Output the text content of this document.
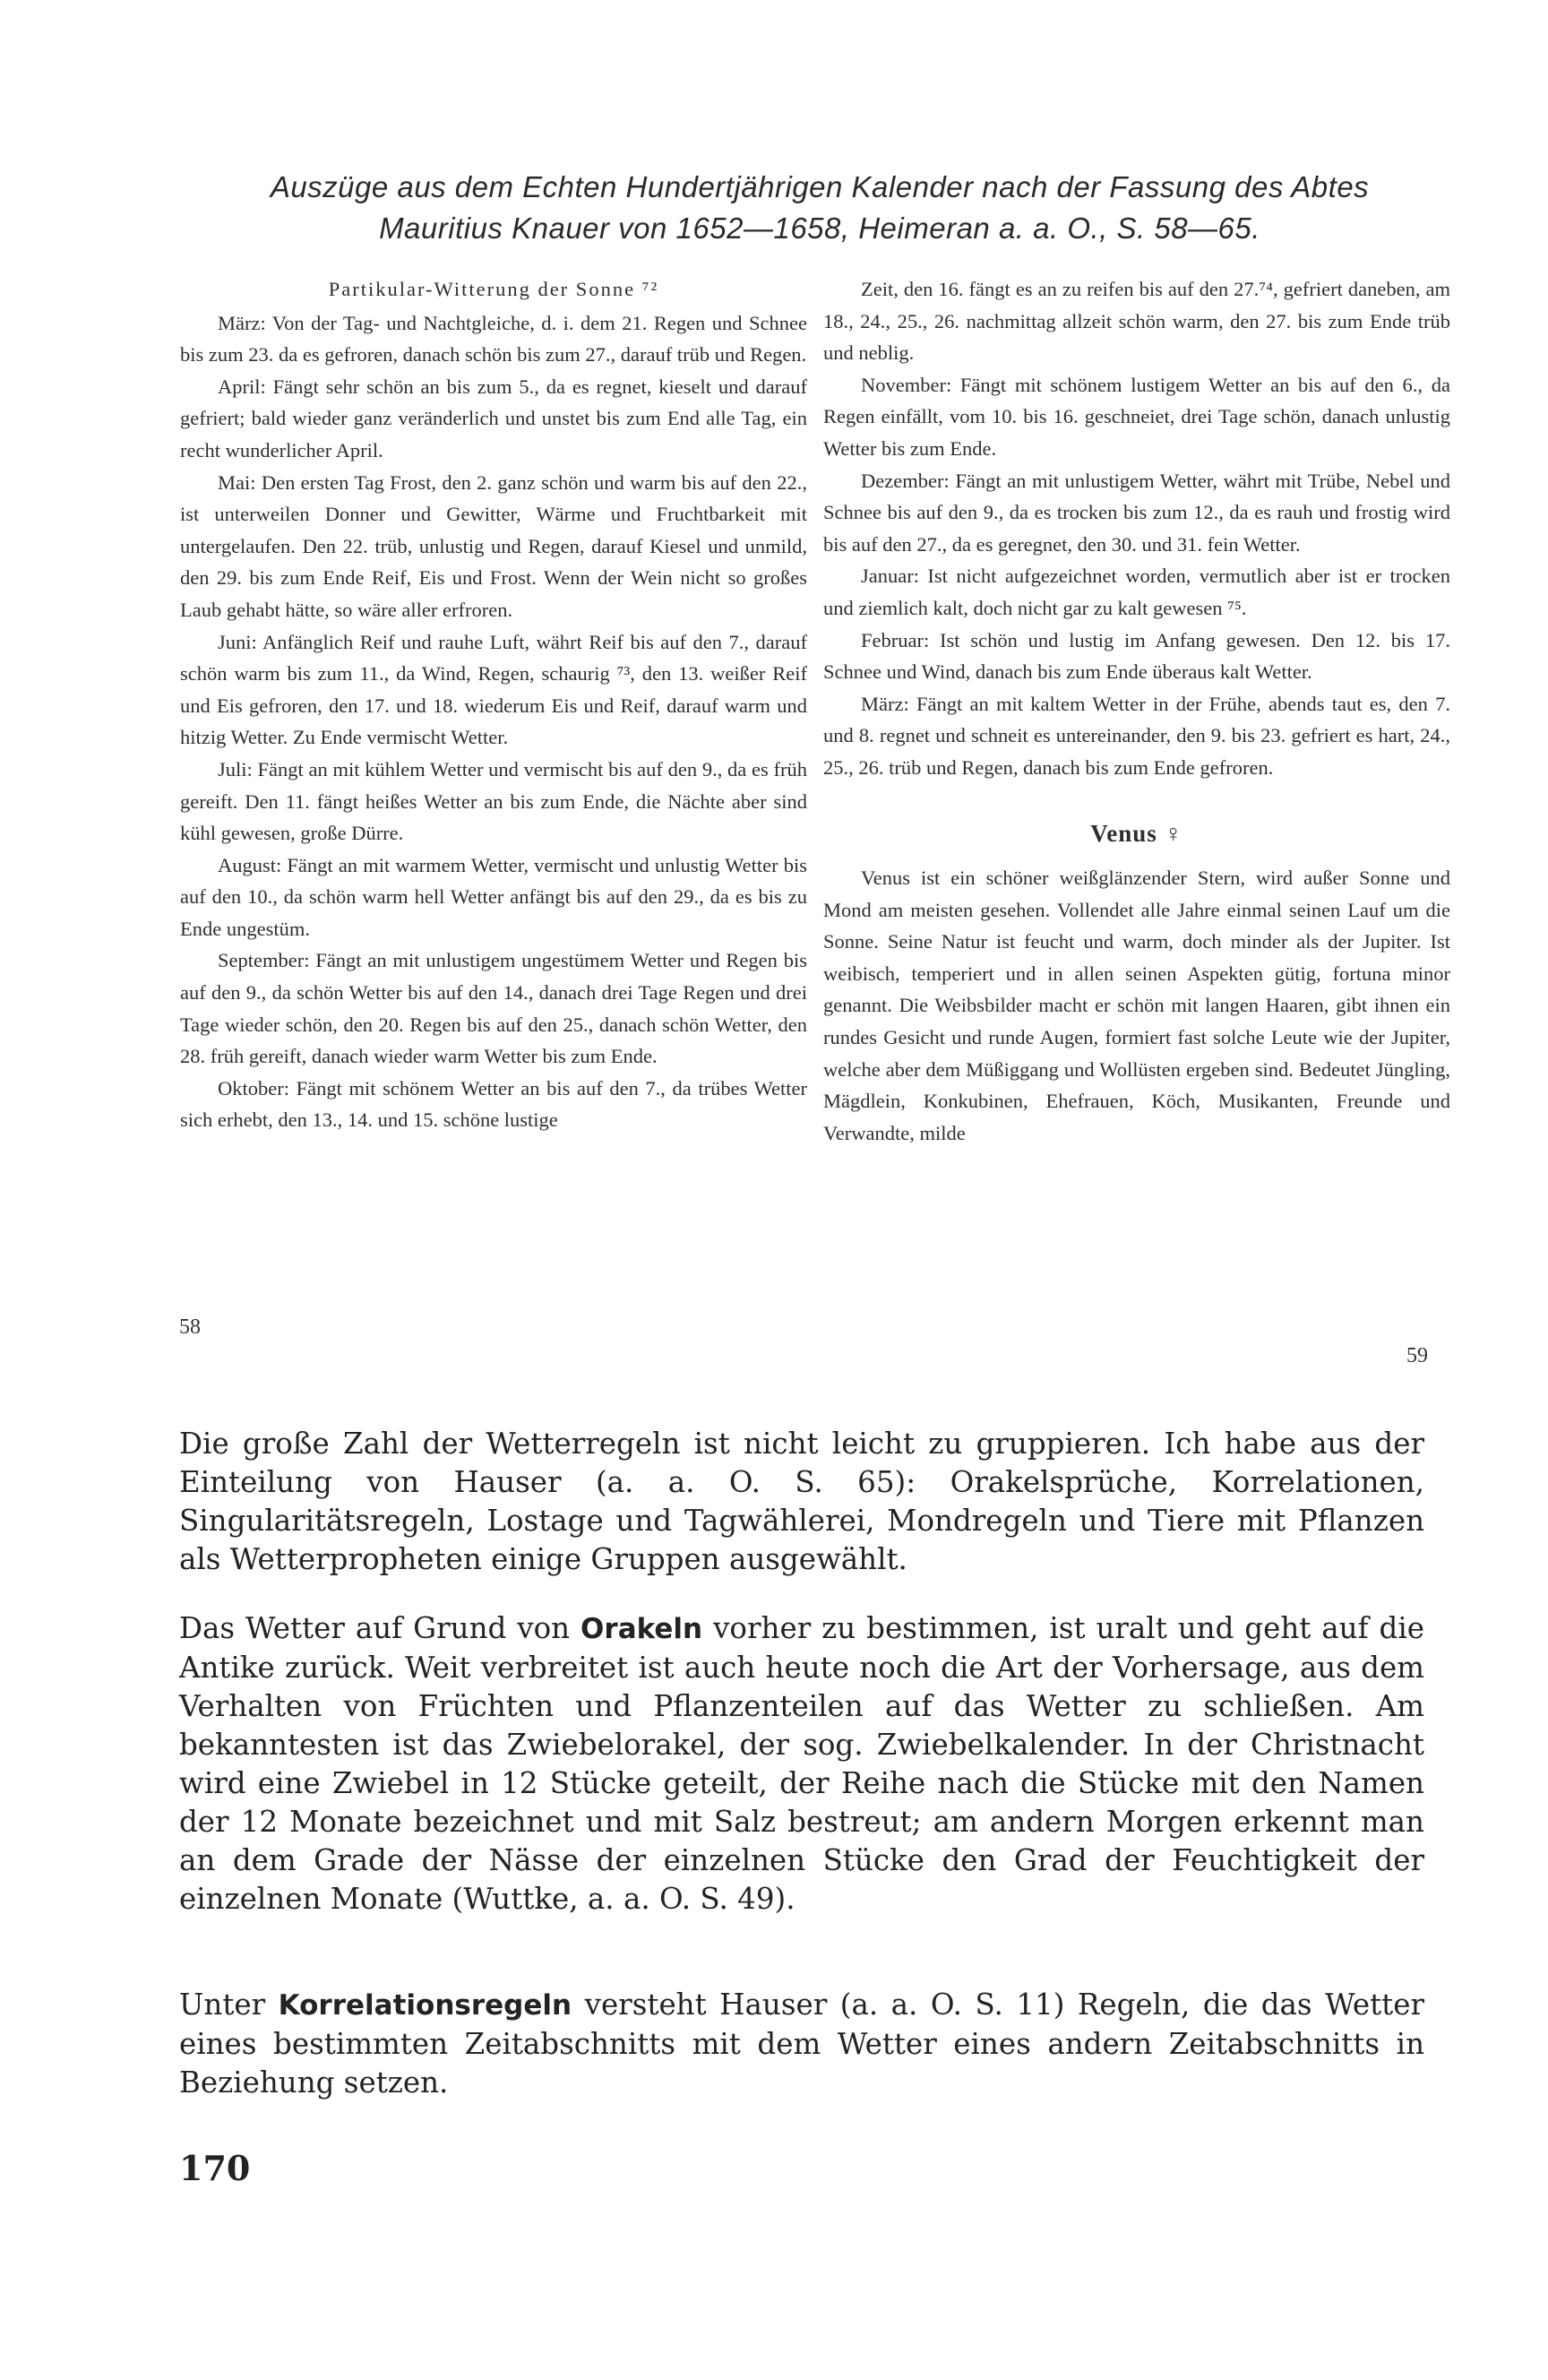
Auszüge aus dem Echten Hundertjährigen Kalender nach der Fassung des Abtes
Mauritius Knauer von 1652—1658, Heimeran a. a. O., S. 58—65.

Partikular-Witterung der Sonne ⁷²

März: Von der Tag- und Nachtgleiche, d. i. dem 21. Regen und Schnee bis zum 23. da es gefroren, danach schön bis zum 27., darauf trüb und Regen.

April: Fängt sehr schön an bis zum 5., da es regnet, kieselt und darauf gefriert; bald wieder ganz veränderlich und unstet bis zum End alle Tag, ein recht wunderlicher April.

Mai: Den ersten Tag Frost, den 2. ganz schön und warm bis auf den 22., ist unterweilen Donner und Gewitter, Wärme und Fruchtbarkeit mit untergelaufen. Den 22. trüb, unlustig und Regen, darauf Kiesel und unmild, den 29. bis zum Ende Reif, Eis und Frost. Wenn der Wein nicht so großes Laub gehabt hätte, so wäre aller erfroren.

Juni: Anfänglich Reif und rauhe Luft, währt Reif bis auf den 7., darauf schön warm bis zum 11., da Wind, Regen, schaurig ⁷³, den 13. weißer Reif und Eis gefroren, den 17. und 18. wiederum Eis und Reif, darauf warm und hitzig Wetter. Zu Ende vermischt Wetter.

Juli: Fängt an mit kühlem Wetter und vermischt bis auf den 9., da es früh gereift. Den 11. fängt heißes Wetter an bis zum Ende, die Nächte aber sind kühl gewesen, große Dürre.

August: Fängt an mit warmem Wetter, vermischt und unlustig Wetter bis auf den 10., da schön warm hell Wetter anfängt bis auf den 29., da es bis zu Ende ungestüm.

September: Fängt an mit unlustigem ungestümem Wetter und Regen bis auf den 9., da schön Wetter bis auf den 14., danach drei Tage Regen und drei Tage wieder schön, den 20. Regen bis auf den 25., danach schön Wetter, den 28. früh gereift, danach wieder warm Wetter bis zum Ende.

Oktober: Fängt mit schönem Wetter an bis auf den 7., da trübes Wetter sich erhebt, den 13., 14. und 15. schöne lustige

58

Zeit, den 16. fängt es an zu reifen bis auf den 27.⁷⁴, gefriert daneben, am 18., 24., 25., 26. nachmittag allzeit schön warm, den 27. bis zum Ende trüb und neblig.

November: Fängt mit schönem lustigem Wetter an bis auf den 6., da Regen einfällt, vom 10. bis 16. geschneiet, drei Tage schön, danach unlustig Wetter bis zum Ende.

Dezember: Fängt an mit unlustigem Wetter, währt mit Trübe, Nebel und Schnee bis auf den 9., da es trocken bis zum 12., da es rauh und frostig wird bis auf den 27., da es geregnet, den 30. und 31. fein Wetter.

Januar: Ist nicht aufgezeichnet worden, vermutlich aber ist er trocken und ziemlich kalt, doch nicht gar zu kalt gewesen ⁷⁵.

Februar: Ist schön und lustig im Anfang gewesen. Den 12. bis 17. Schnee und Wind, danach bis zum Ende überaus kalt Wetter.

März: Fängt an mit kaltem Wetter in der Frühe, abends taut es, den 7. und 8. regnet und schneit es untereinander, den 9. bis 23. gefriert es hart, 24., 25., 26. trüb und Regen, danach bis zum Ende gefroren.

Venus ♀

Venus ist ein schöner weißglänzender Stern, wird außer Sonne und Mond am meisten gesehen. Vollendet alle Jahre einmal seinen Lauf um die Sonne. Seine Natur ist feucht und warm, doch minder als der Jupiter. Ist weibisch, temperiert und in allen seinen Aspekten gütig, fortuna minor genannt. Die Weibsbilder macht er schön mit langen Haaren, gibt ihnen ein rundes Gesicht und runde Augen, formiert fast solche Leute wie der Jupiter, welche aber dem Müßiggang und Wollüsten ergeben sind. Bedeutet Jüngling, Mägdlein, Konkubinen, Ehefrauen, Köch, Musikanten, Freunde und Verwandte, milde

59

Die große Zahl der Wetterregeln ist nicht leicht zu gruppieren. Ich habe aus der Einteilung von Hauser (a. a. O. S. 65): Orakelsprüche, Korrelationen, Singularitätsregeln, Lostage und Tagwählerei, Mondregeln und Tiere mit Pflanzen als Wetterpropheten einige Gruppen ausgewählt.

Das Wetter auf Grund von Orakeln vorher zu bestimmen, ist uralt und geht auf die Antike zurück. Weit verbreitet ist auch heute noch die Art der Vorhersage, aus dem Verhalten von Früchten und Pflanzenteilen auf das Wetter zu schließen. Am bekanntesten ist das Zwiebelorakel, der sog. Zwiebelkalender. In der Christnacht wird eine Zwiebel in 12 Stücke geteilt, der Reihe nach die Stücke mit den Namen der 12 Monate bezeichnet und mit Salz bestreut; am andern Morgen erkennt man an dem Grade der Nässe der einzelnen Stücke den Grad der Feuchtigkeit der einzelnen Monate (Wuttke, a. a. O. S. 49).

Unter Korrelationsregeln versteht Hauser (a. a. O. S. 11) Regeln, die das Wetter eines bestimmten Zeitabschnitts mit dem Wetter eines andern Zeitabschnitts in Beziehung setzen.

170
